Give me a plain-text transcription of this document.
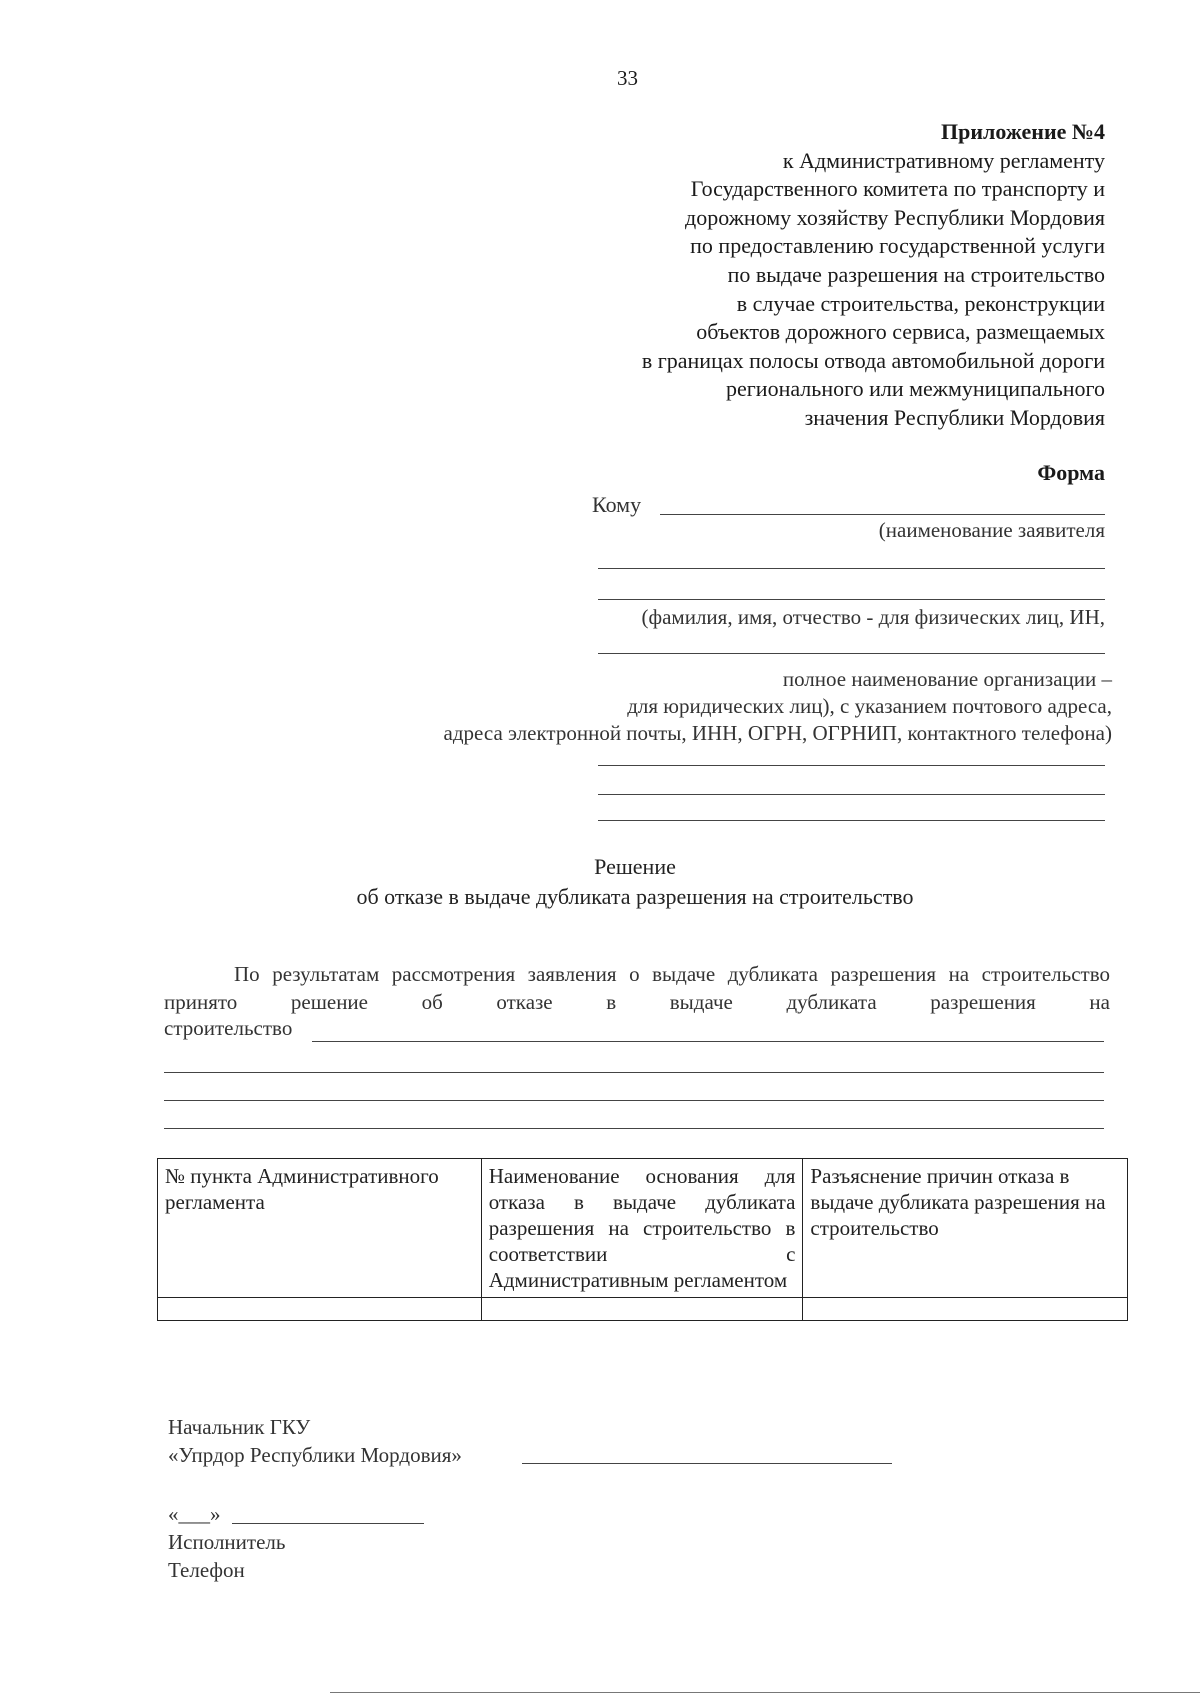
33
Приложение №4
к Административному регламенту
Государственного комитета по транспорту и
дорожному хозяйству Республики Мордовия
по предоставлению государственной услуги
по выдаче разрешения на строительство
в случае строительства, реконструкции
объектов дорожного сервиса, размещаемых
в границах полосы отвода автомобильной дороги
регионального или межмуниципального
значения Республики Мордовия
Форма
Кому
(наименование заявителя
(фамилия, имя, отчество - для физических лиц, ИН,
полное наименование организации –
для юридических лиц), с указанием почтового адреса,
адреса электронной почты, ИНН, ОГРН, ОГРНИП, контактного телефона)
Решение
об отказе в выдаче дубликата разрешения на строительство
По результатам рассмотрения заявления о выдаче дубликата разрешения на строительство принято решение об отказе в выдаче дубликата разрешения на
строительство
№ пункта Административного регламента	Наименование основания для отказа в выдаче дубликата разрешения на строительство в соответствии с Административным регламентом	Разъяснение причин отказа в выдаче дубликата разрешения на строительство

Начальник ГКУ
«Упрдор Республики Мордовия»
«___»
Исполнитель
Телефон
